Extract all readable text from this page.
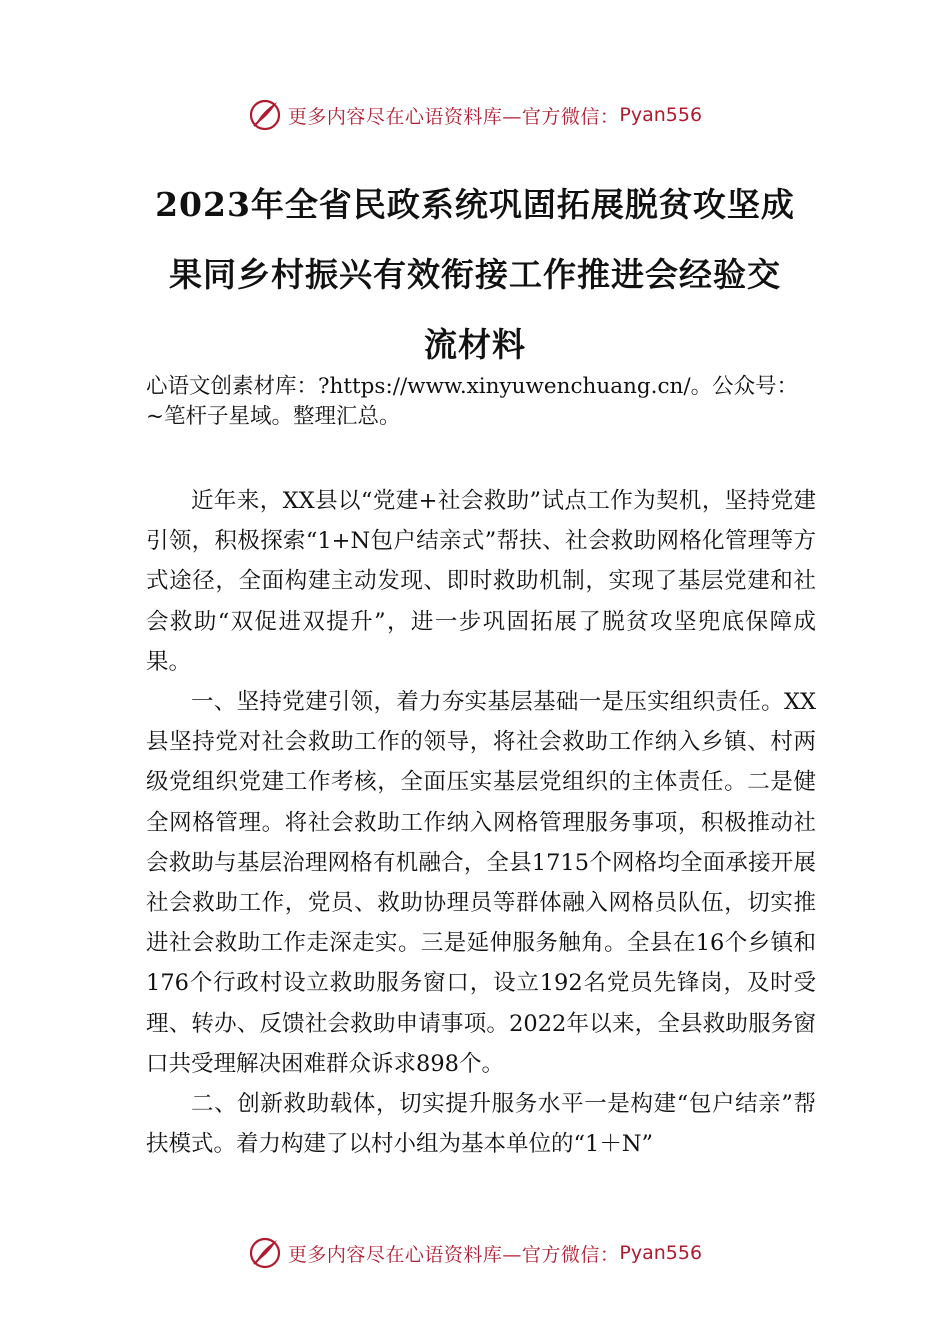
更多内容尽在心语资料库—官方微信： Pyan556
2023年全省民政系统巩固拓展脱贫攻坚成
果同乡村振兴有效衔接工作推进会经验交
流材料
心语文创素材库：?https://www.xinyuwenchuang.cn/。公众号：
~笔杆子星域。整理汇总。

近年来，XX县以“党建+社会救助”试点工作为契机，坚持党建引领，积极探索“1+N包户结亲式”帮扶、社会救助网格化管理等方式途径，全面构建主动发现、即时救助机制，实现了基层党建和社会救助“双促进双提升”，进一步巩固拓展了脱贫攻坚兜底保障成果。

一、坚持党建引领，着力夯实基层基础一是压实组织责任。XX县坚持党对社会救助工作的领导，将社会救助工作纳入乡镇、村两级党组织党建工作考核，全面压实基层党组织的主体责任。二是健全网格管理。将社会救助工作纳入网格管理服务事项，积极推动社会救助与基层治理网格有机融合，全县1715个网格均全面承接开展社会救助工作，党员、救助协理员等群体融入网格员队伍，切实推进社会救助工作走深走实。三是延伸服务触角。全县在16个乡镇和176个行政村设立救助服务窗口，设立192名党员先锋岗，及时受理、转办、反馈社会救助申请事项。2022年以来，全县救助服务窗口共受理解决困难群众诉求898个。

二、创新救助载体，切实提升服务水平一是构建“包户结亲”帮扶模式。着力构建了以村小组为基本单位的“1＋N”

更多内容尽在心语资料库—官方微信： Pyan556
